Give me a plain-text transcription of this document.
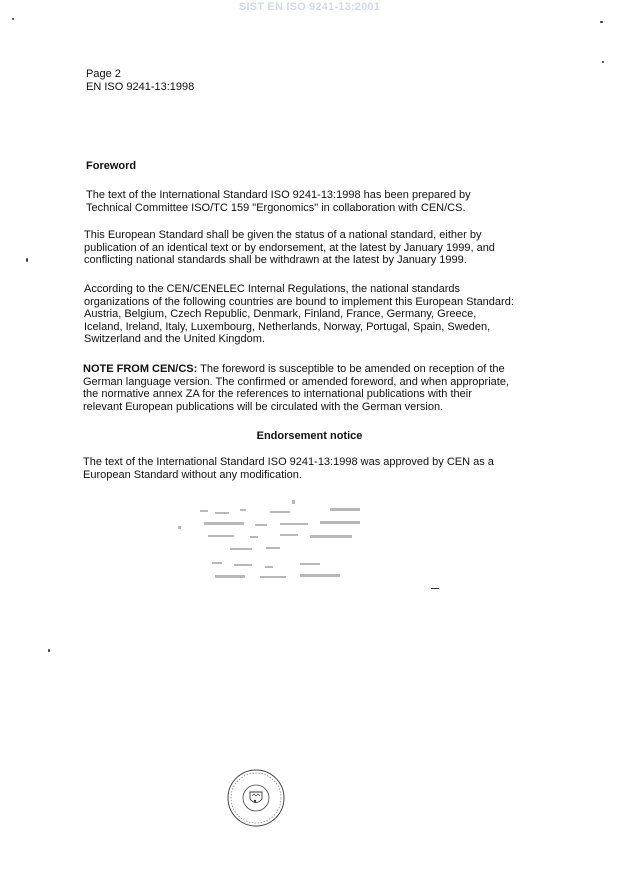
SIST EN ISO 9241-13:2001
Page 2
EN ISO 9241-13:1998
Foreword
The text of the International Standard ISO 9241-13:1998 has been prepared by
Technical Committee ISO/TC 159 "Ergonomics" in collaboration with CEN/CS.
This European Standard shall be given the status of a national standard, either by
publication of an identical text or by endorsement, at the latest by January 1999, and
conflicting national standards shall be withdrawn at the latest by January 1999.
According to the CEN/CENELEC Internal Regulations, the national standards
organizations of the following countries are bound to implement this European Standard:
Austria, Belgium, Czech Republic, Denmark, Finland, France, Germany, Greece,
Iceland, Ireland, Italy, Luxembourg, Netherlands, Norway, Portugal, Spain, Sweden,
Switzerland and the United Kingdom.
NOTE FROM CEN/CS: The foreword is susceptible to be amended on reception of the
German language version. The confirmed or amended foreword, and when appropriate,
the normative annex ZA for the references to international publications with their
relevant European publications will be circulated with the German version.
Endorsement notice
The text of the International Standard ISO 9241-13:1998 was approved by CEN as a
European Standard without any modification.
